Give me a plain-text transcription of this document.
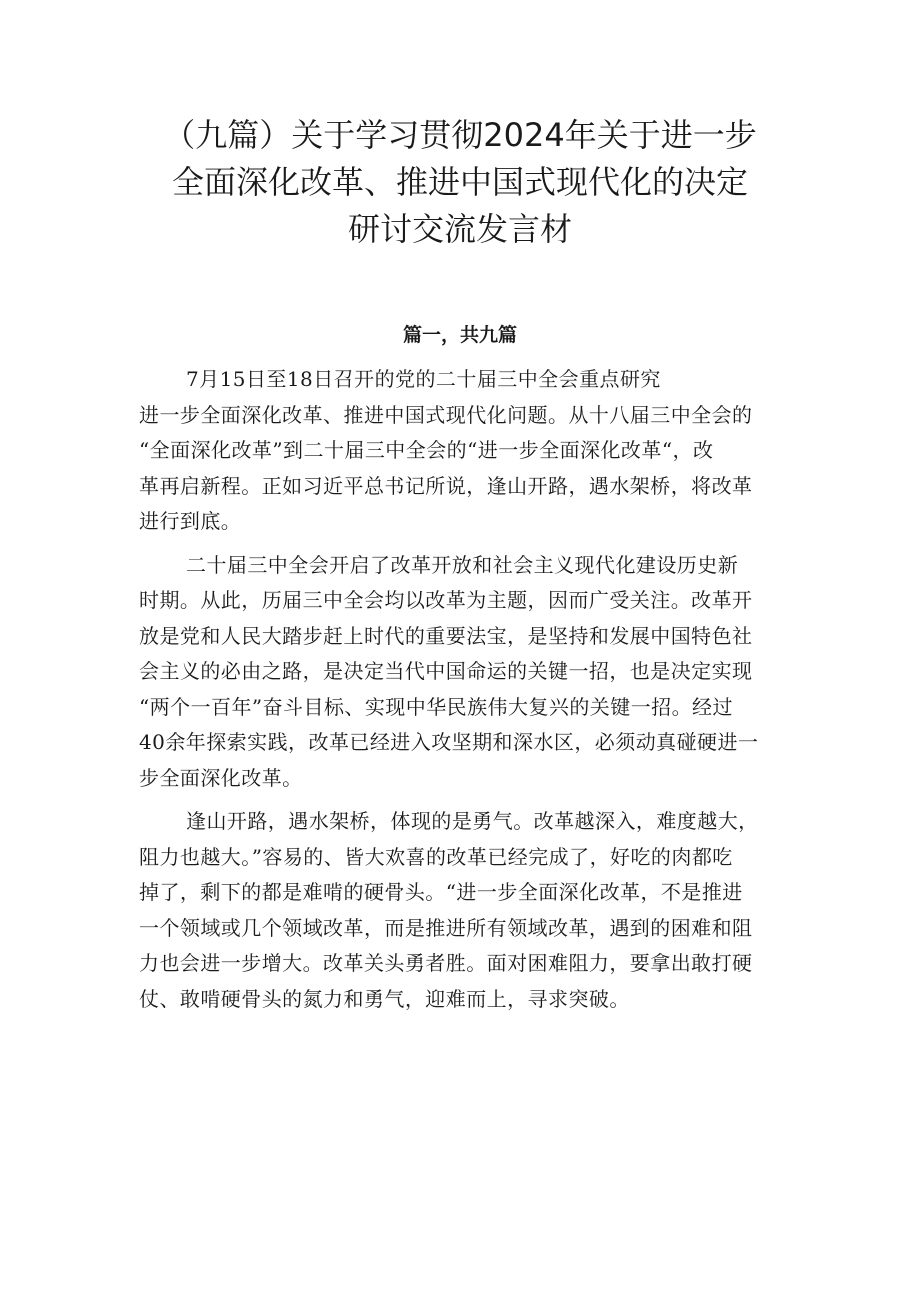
（九篇）关于学习贯彻2024年关于进一步
全面深化改革、推进中国式现代化的决定
研讨交流发言材
篇一，共九篇

7月15日至18日召开的党的二十届三中全会重点研究
进一步全面深化改革、推进中国式现代化问题。从十八届三中全会的
“全面深化改革”到二十届三中全会的“进一步全面深化改革“，改
革再启新程。正如习近平总书记所说，逢山开路，遇水架桥，将改革
进行到底。

二十届三中全会开启了改革开放和社会主义现代化建设历史新
时期。从此，历届三中全会均以改革为主题，因而广受关注。改革开
放是党和人民大踏步赶上时代的重要法宝，是坚持和发展中国特色社
会主义的必由之路，是决定当代中国命运的关键一招，也是决定实现
“两个一百年”奋斗目标、实现中华民族伟大复兴的关键一招。经过
40余年探索实践，改革已经进入攻坚期和深水区，必须动真碰硬进一
步全面深化改革。

逢山开路，遇水架桥，体现的是勇气。改革越深入，难度越大，
阻力也越大。”容易的、皆大欢喜的改革已经完成了，好吃的肉都吃
掉了，剩下的都是难啃的硬骨头。“进一步全面深化改革，不是推进
一个领域或几个领域改革，而是推进所有领域改革，遇到的困难和阻
力也会进一步增大。改革关头勇者胜。面对困难阻力，要拿出敢打硬
仗、敢啃硬骨头的氮力和勇气，迎难而上，寻求突破。
